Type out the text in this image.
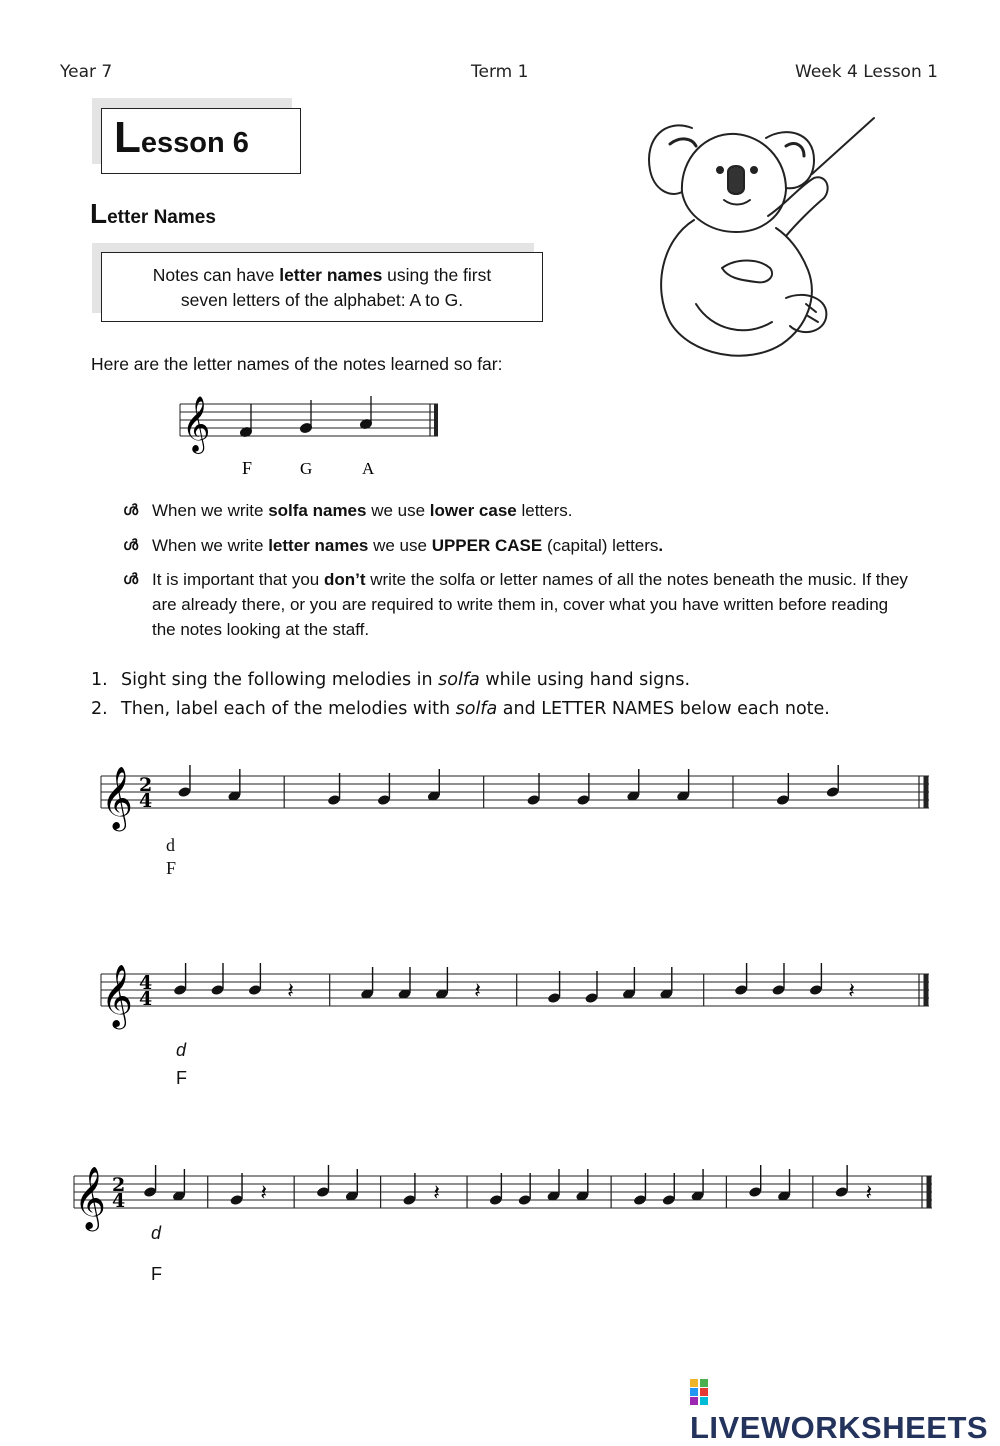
Year 7	Term 1	Week 4 Lesson 1
Lesson 6
Letter Names
Notes can have letter names using the first
seven letters of the alphabet: A to G.
Here are the letter names of the notes learned so far:
𝄞
F	G	A
ൾ When we write solfa names we use lower case letters.
ൾ When we write letter names we use UPPER CASE (capital) letters.
ൾ It is important that you don’t write the solfa or letter names of all the notes beneath the music. If they are already there, or you are required to write them in, cover what you have written before reading the notes looking at the staff.
1. Sight sing the following melodies in solfa while using hand signs.
2. Then, label each of the melodies with solfa and LETTER NAMES below each note.
𝄞 2
4
𝄞 4
4	𝄽	𝄽	𝄽
𝄞 2
4	𝄽	𝄽	𝄽
d
F
d
F
d
F
LIVEWORKSHEETS
